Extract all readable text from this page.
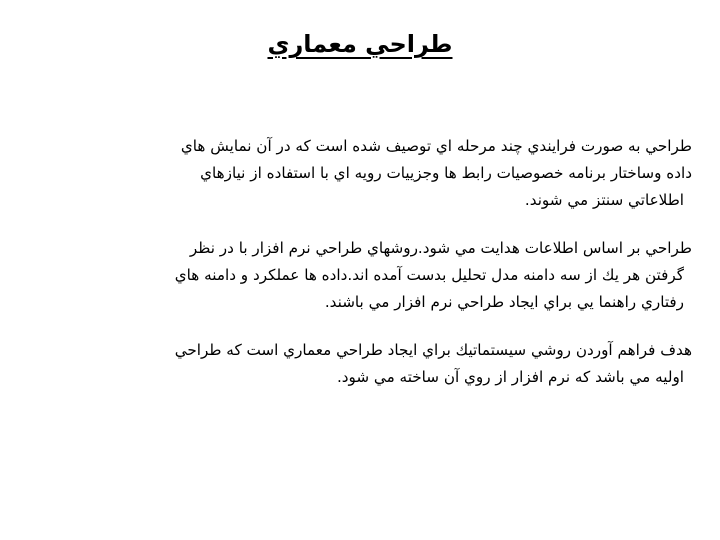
طراحي معماري

طراحي به صورت فرايندي چند مرحله اي توصيف شده است كه در آن نمايش هاي
داده وساختار برنامه خصوصيات رابط ها وجزييات رويه اي با استفاده از نيازهاي
اطلاعاتي سنتز مي شوند.

طراحي بر اساس اطلاعات هدايت مي شود.روشهاي طراحي نرم افزار با در نظر
گرفتن هر يك از سه دامنه مدل تحليل بدست آمده اند.داده ها عملكرد و دامنه هاي
رفتاري راهنما يي براي ايجاد طراحي نرم افزار مي باشند.

هدف فراهم آوردن روشي سيستماتيك براي ايجاد طراحي معماري است كه طراحي
اوليه مي باشد كه نرم افزار از روي آن ساخته مي شود.
